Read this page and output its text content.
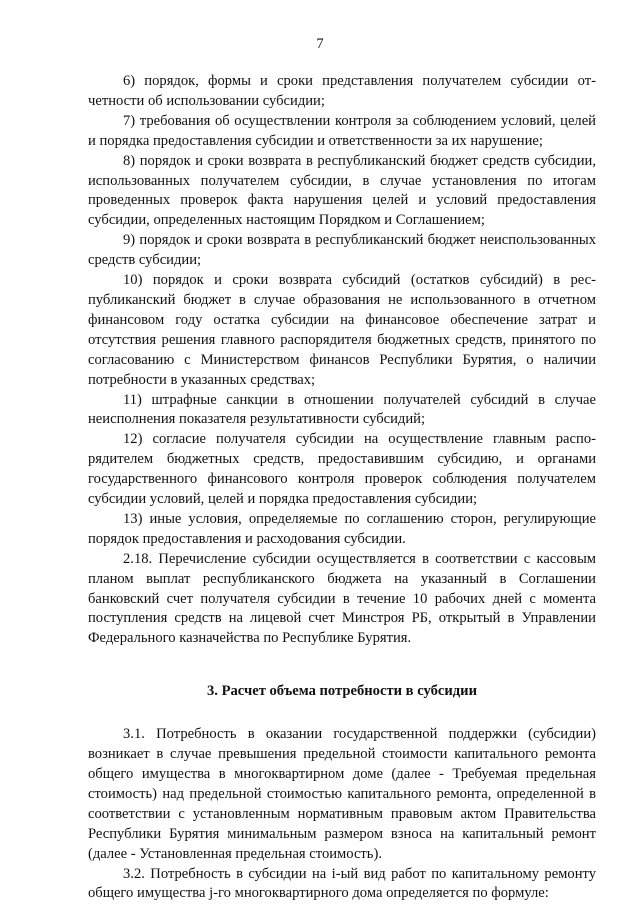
7

6) порядок, формы и сроки представления получателем субсидии отчетности об использовании субсидии;

7) требования об осуществлении контроля за соблюдением условий, целей и порядка предоставления субсидии и ответственности за их нарушение;

8) порядок и сроки возврата в республиканский бюджет средств субсидии, использованных получателем субсидии, в случае установления по итогам проведенных проверок факта нарушения целей и условий предоставления субсидии, определенных настоящим Порядком и Соглашением;

9) порядок и сроки возврата в республиканский бюджет неиспользованных средств субсидии;

10) порядок и сроки возврата субсидий (остатков субсидий) в республиканский бюджет в случае образования не использованного в отчетном финансовом году остатка субсидии на финансовое обеспечение затрат и отсутствия решения главного распорядителя бюджетных средств, принятого по согласованию с Министерством финансов Республики Бурятия, о наличии потребности в указанных средствах;

11) штрафные санкции в отношении получателей субсидий в случае неисполнения показателя результативности субсидий;

12) согласие получателя субсидии на осуществление главным распорядителем бюджетных средств, предоставившим субсидию, и органами государственного финансового контроля проверок соблюдения получателем субсидии условий, целей и порядка предоставления субсидии;

13) иные условия, определяемые по соглашению сторон, регулирующие порядок предоставления и расходования субсидии.

2.18. Перечисление субсидии осуществляется в соответствии с кассовым планом выплат республиканского бюджета на указанный в Соглашении банковский счет получателя субсидии в течение 10 рабочих дней с момента поступления средств на лицевой счет Минстроя РБ, открытый в Управлении Федерального казначейства по Республике Бурятия.

3. Расчет объема потребности в субсидии

3.1. Потребность в оказании государственной поддержки (субсидии) возникает в случае превышения предельной стоимости капитального ремонта общего имущества в многоквартирном доме (далее - Требуемая предельная стоимость) над предельной стоимостью капитального ремонта, определенной в соответствии с установленным нормативным правовым актом Правительства Республики Бурятия минимальным размером взноса на капитальный ремонт (далее - Установленная предельная стоимость).

3.2. Потребность в субсидии на i-ый вид работ по капитальному ремонту общего имущества j-го многоквартирного дома определяется по формуле:
